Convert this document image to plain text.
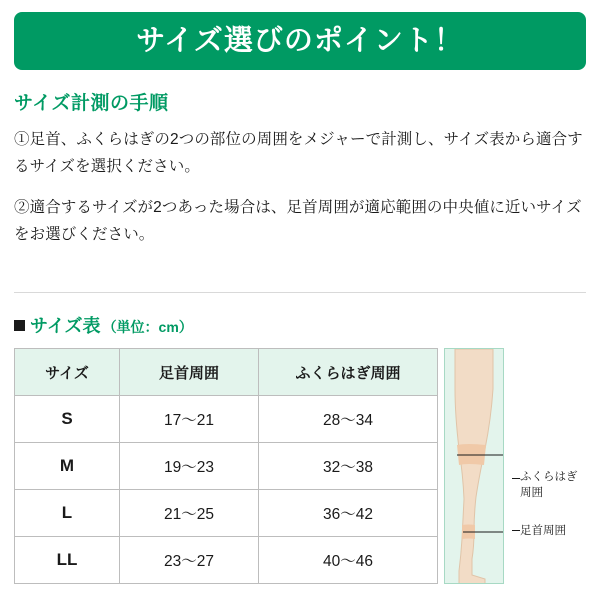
サイズ選びのポイント！
サイズ計測の手順

①足首、ふくらはぎの2つの部位の周囲をメジャーで計測し、サイズ表から適合するサイズを選択ください。

②適合するサイズが2つあった場合は、足首周囲が適応範囲の中央値に近いサイズをお選びください。

サイズ表 （単位：cm）
サイズ	足首周囲	ふくらはぎ周囲
S	17〜21	28〜34
M	19〜23	32〜38
L	21〜25	36〜42
LL	23〜27	40〜46
ふくらはぎ
周囲
足首周囲
